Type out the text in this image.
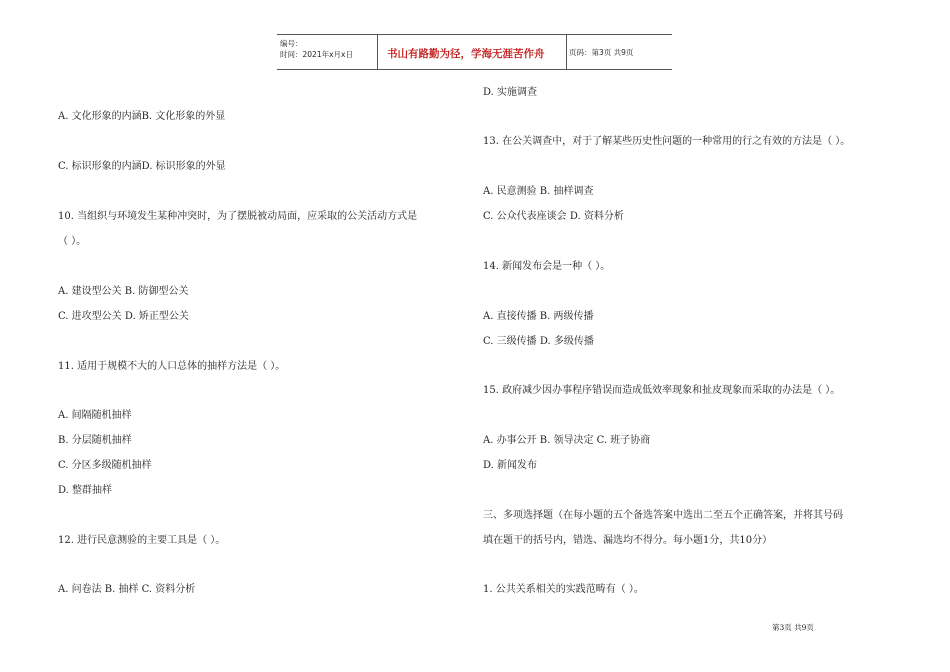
编号：
时间：2021年x月x日	书山有路勤为径，学海无涯苦作舟	页码：第3页 共9页
A. 文化形象的内涵B. 文化形象的外显
C. 标识形象的内涵D. 标识形象的外显
10. 当组织与环境发生某种冲突时，为了摆脱被动局面，应采取的公关活动方式是
（ ）。
A. 建设型公关 B. 防御型公关
C. 进攻型公关 D. 矫正型公关
11. 适用于规模不大的人口总体的抽样方法是（ ）。
A. 间隔随机抽样
B. 分层随机抽样
C. 分区多级随机抽样
D. 整群抽样
12. 进行民意测验的主要工具是（ ）。
A. 问卷法 B. 抽样 C. 资料分析
D. 实施调查
13. 在公关调查中，对于了解某些历史性问题的一种常用的行之有效的方法是（ ）。
A. 民意测验 B. 抽样调查
C. 公众代表座谈会 D. 资料分析
14. 新闻发布会是一种（ ）。
A. 直接传播 B. 两级传播
C. 三级传播 D. 多级传播
15. 政府减少因办事程序错误而造成低效率现象和扯皮现象而采取的办法是（ ）。
A. 办事公开 B. 领导决定 C. 班子协商
D. 新闻发布
三、多项选择题（在每小题的五个备选答案中选出二至五个正确答案，并将其号码
填在题干的括号内，错选、漏选均不得分。每小题1分，共10分）
1. 公共关系相关的实践范畴有（ ）。
第3页 共9页
